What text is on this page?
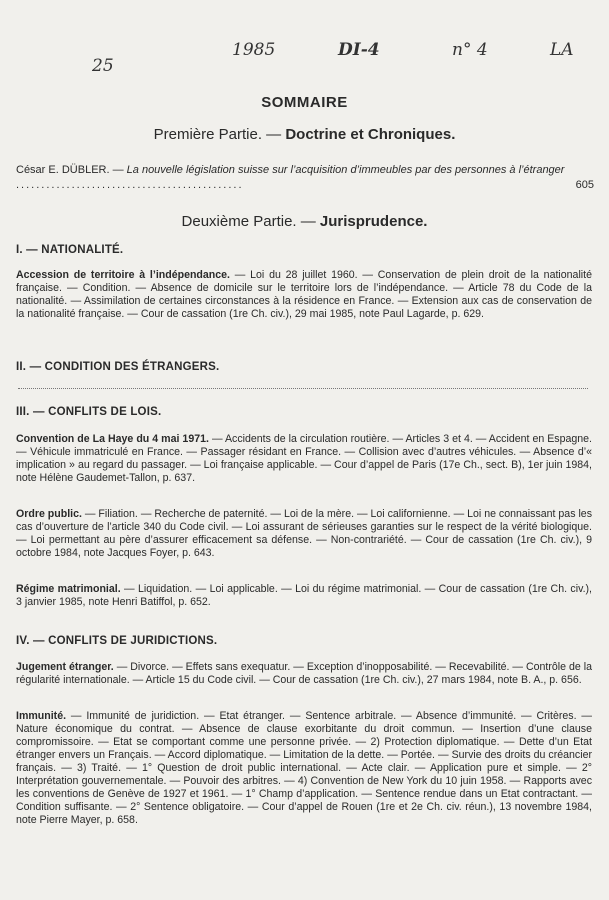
25
1985	DI-4	n° 4	LA
SOMMAIRE
Première Partie. — Doctrine et Chroniques.
César E. DÜBLER. — La nouvelle législation suisse sur l’acquisition d’immeubles par des personnes à l’étranger .............................................	605
Deuxième Partie. — Jurisprudence.
I. — NATIONALITÉ.
Accession de territoire à l’indépendance. — Loi du 28 juillet 1960. — Conservation de plein droit de la nationalité française. — Condition. — Absence de domicile sur le territoire lors de l’indépendance. — Article 78 du Code de la nationalité. — Assimilation de certaines circonstances à la résidence en France. — Extension aux cas de conservation de la nationalité française. — Cour de cassation (1re Ch. civ.), 29 mai 1985, note Paul Lagarde, p. 629.
II. — CONDITION DES ÉTRANGERS.
III. — CONFLITS DE LOIS.
Convention de La Haye du 4 mai 1971. — Accidents de la circulation routière. — Articles 3 et 4. — Accident en Espagne. — Véhicule immatriculé en France. — Passager résidant en France. — Collision avec d’autres véhicules. — Absence d’« implication » au regard du passager. — Loi française applicable. — Cour d’appel de Paris (17e Ch., sect. B), 1er juin 1984, note Hélène Gaudemet-Tallon, p. 637.
Ordre public. — Filiation. — Recherche de paternité. — Loi de la mère. — Loi californienne. — Loi ne connaissant pas les cas d’ouverture de l’article 340 du Code civil. — Loi assurant de sérieuses garanties sur le respect de la vérité biologique. — Loi permettant au père d’assurer efficacement sa défense. — Non-contrariété. — Cour de cassation (1re Ch. civ.), 9 octobre 1984, note Jacques Foyer, p. 643.
Régime matrimonial. — Liquidation. — Loi applicable. — Loi du régime matrimonial. — Cour de cassation (1re Ch. civ.), 3 janvier 1985, note Henri Batiffol, p. 652.
IV. — CONFLITS DE JURIDICTIONS.
Jugement étranger. — Divorce. — Effets sans exequatur. — Exception d’inopposabilité. — Recevabilité. — Contrôle de la régularité internationale. — Article 15 du Code civil. — Cour de cassation (1re Ch. civ.), 27 mars 1984, note B. A., p. 656.
Immunité. — Immunité de juridiction. — Etat étranger. — Sentence arbitrale. — Absence d’immunité. — Critères. — Nature économique du contrat. — Absence de clause exorbitante du droit commun. — Insertion d’une clause compromissoire. — Etat se comportant comme une personne privée. — 2) Protection diplomatique. — Dette d’un Etat étranger envers un Français. — Accord diplomatique. — Limitation de la dette. — Portée. — Survie des droits du créancier français. — 3) Traité. — 1° Question de droit public international. — Acte clair. — Application pure et simple. — 2° Interprétation gouvernementale. — Pouvoir des arbitres. — 4) Convention de New York du 10 juin 1958. — Rapports avec les conventions de Genève de 1927 et 1961. — 1° Champ d’application. — Sentence rendue dans un Etat contractant. — Condition suffisante. — 2° Sentence obligatoire. — Cour d’appel de Rouen (1re et 2e Ch. civ. réun.), 13 novembre 1984, note Pierre Mayer, p. 658.
